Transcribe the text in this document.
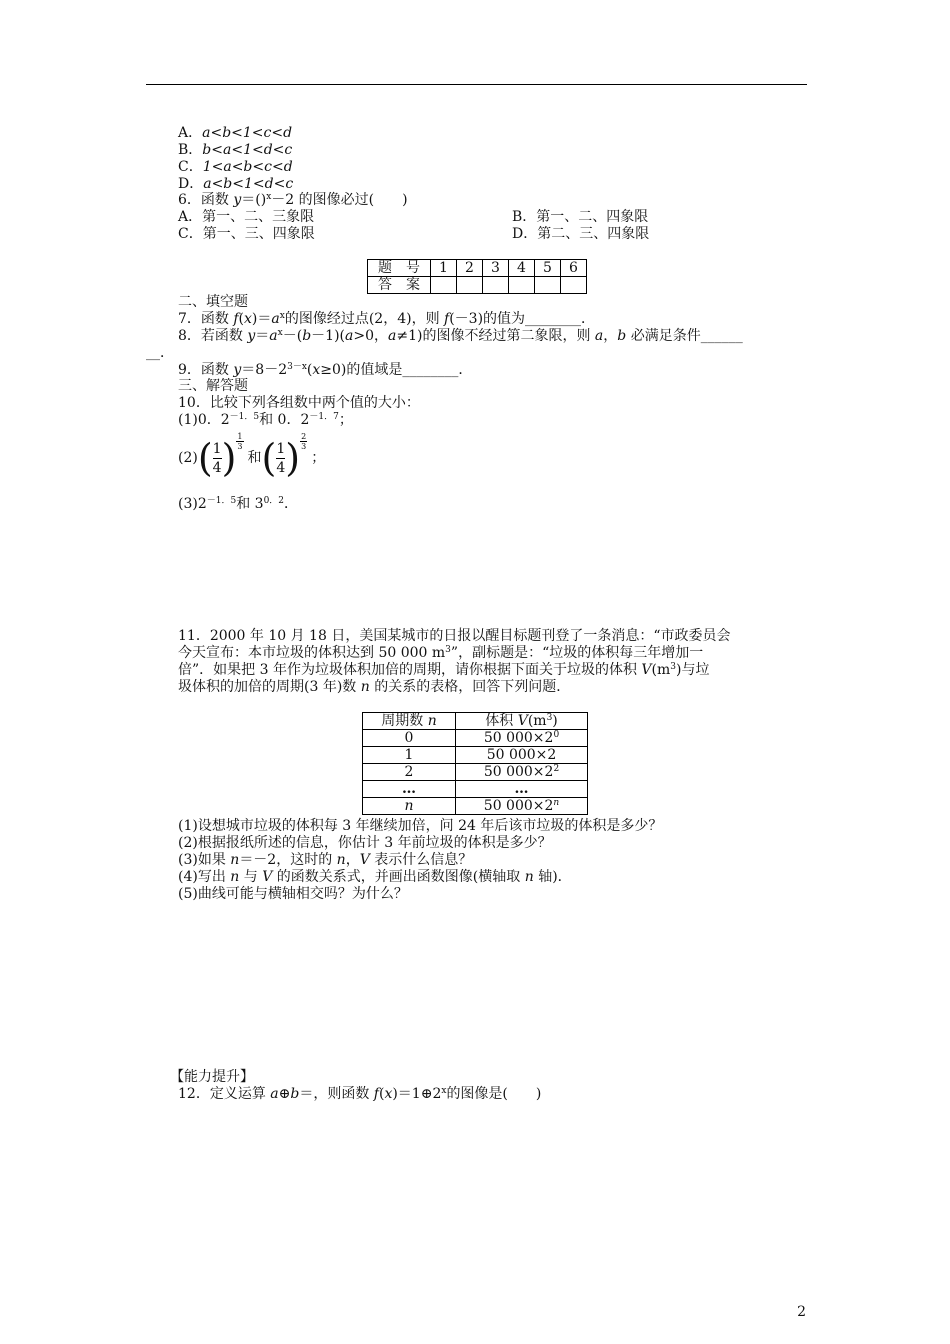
A．a<b<1<c<d
B．b<a<1<d<c
C．1<a<b<c<d
D．a<b<1<d<c
6．函数 y＝()$^x$－2 的图像必过(　　)
A．第一、二、三象限	B．第一、二、四象限
C．第一、三、四象限	D．第二、三、四象限
题　号	1	2	3	4	5	6
答　案						
二、填空题
7．函数 $f(x)=a^x$的图像经过点(2，4)，则 f(－3)的值为________．
8．若函数 $y=a^x-(b-1)(a>0$，a≠1)的图像不经过第二象限，则 a，b 必满足条件______
__．
9．函数 $y=8-2^{3-x}(x\ge 0)$的值域是________．
三、解答题
10．比较下列各组数中两个值的大小：
(1)0．$2^{-1.5}$和 0．$2^{-1.7}$；
$(2)( \frac{1}{4}$ ) $\frac{1}{3}$
和( $\frac{1}{4}$ ) $\frac{2}{3}$
；
$(3)2^{-1.5}$和 $3^{0.2}$．
11．2000 年 10 月 18 日，美国某城市的日报以醒目标题刊登了一条消息：“市政委员会
今天宣布：本市垃圾的体积达到 50 000 $m^3$”，副标题是：“垃圾的体积每三年增加一
倍”．如果把 3 年作为垃圾体积加倍的周期，请你根据下面关于垃圾的体积 $V(m^3)$与垃
圾体积的加倍的周期(3 年)数 n 的关系的表格，回答下列问题．
周期数 n	体积 $V(m^3)$
0	50 $000\times 2^0$
1	50 000×2
2	50 $000\times 2^2$
…	…
n	50 $000\times 2^n$
(1)设想城市垃圾的体积每 3 年继续加倍，问 24 年后该市垃圾的体积是多少？
(2)根据报纸所述的信息，你估计 3 年前垃圾的体积是多少？
(3)如果 n＝－2，这时的 n，V 表示什么信息？
(4)写出 n 与 V 的函数关系式，并画出函数图像(横轴取 n 轴)．
(5)曲线可能与横轴相交吗？为什么？
【能力提升】
12．定义运算 a⊕b＝，则函数 $f(x)=1\oplus 2^x$的图像是(　　)
2
